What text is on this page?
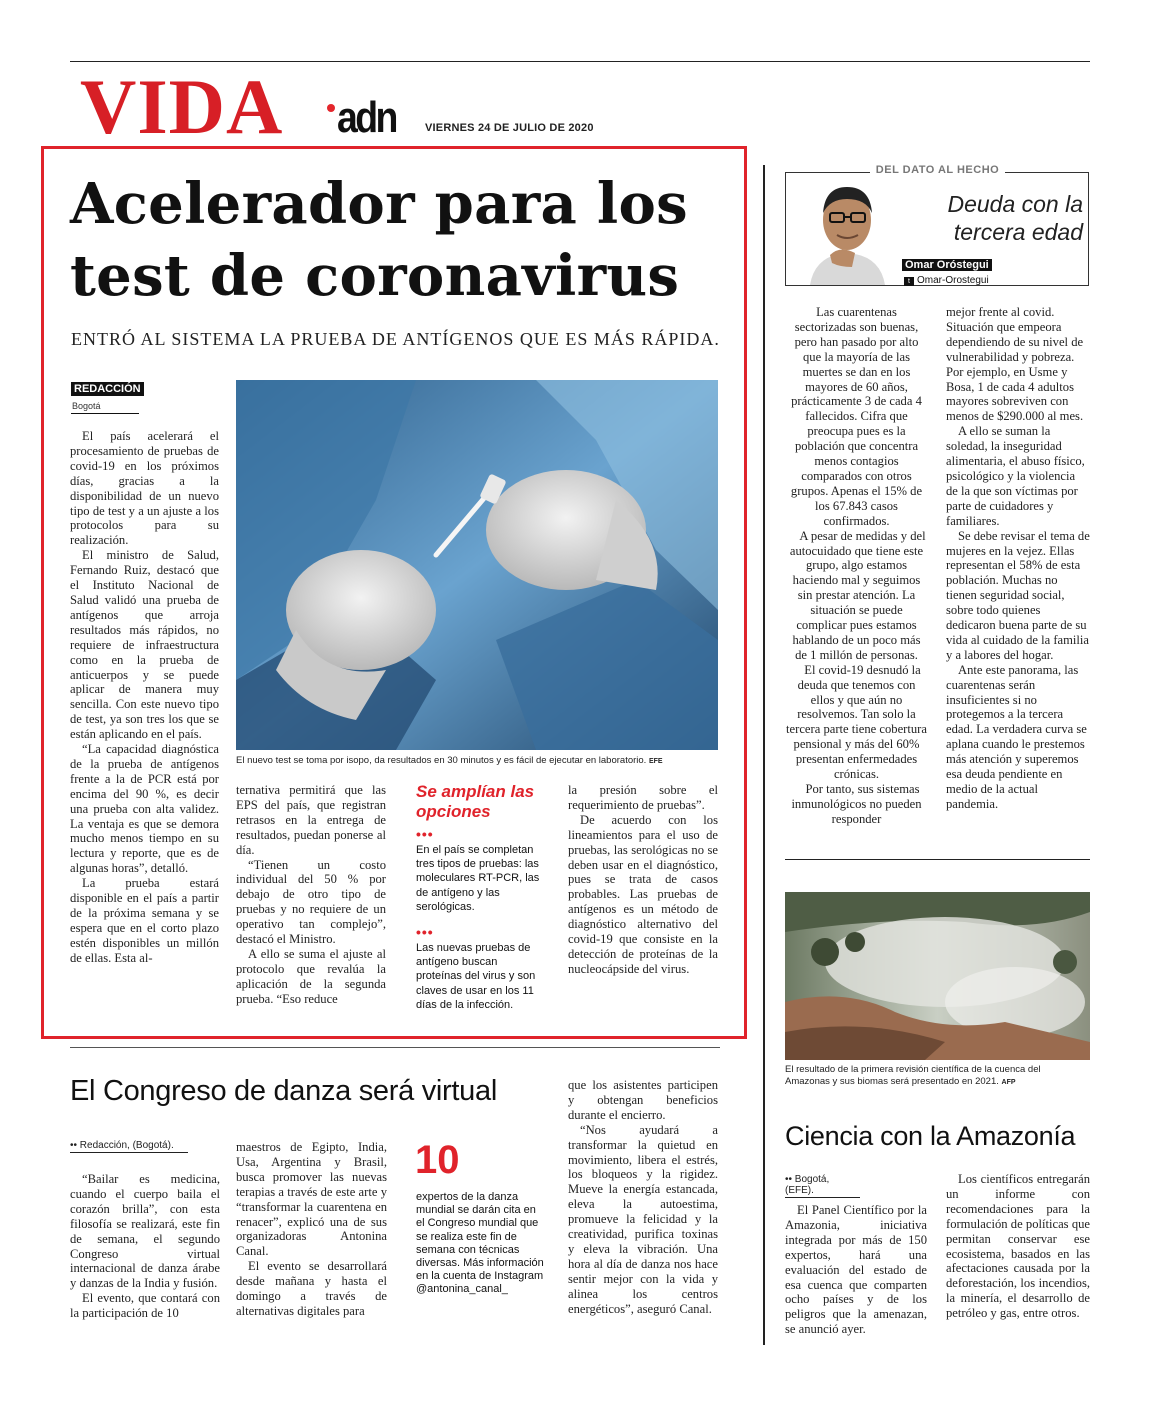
VIDA adn	VIERNES 24 DE JULIO DE 2020
Acelerador para los test de coronavirus
ENTRÓ AL SISTEMA LA PRUEBA DE ANTÍGENOS QUE ES MÁS RÁPIDA.
REDACCIÓN
Bogotá
El nuevo test se toma por isopo, da resultados en 30 minutos y es fácil de ejecutar en laboratorio. EFE

El país acelerará el procesamiento de pruebas de covid-19 en los próximos días, gracias a la disponibilidad de un nuevo tipo de test y a un ajuste a los protocolos para su realización.

El ministro de Salud, Fernando Ruiz, destacó que el Instituto Nacional de Salud validó una prueba de antígenos que arroja resultados más rápidos, no requiere de infraestructura como en la prueba de anticuerpos y se puede aplicar de manera muy sencilla. Con este nuevo tipo de test, ya son tres los que se están aplicando en el país.

“La capacidad diagnóstica de la prueba de antígenos frente a la de PCR está por encima del 90 %, es decir una prueba con alta validez. La ventaja es que se demora mucho menos tiempo en su lectura y reporte, que es de algunas horas”, detalló.

La prueba estará disponible en el país a partir de la próxima semana y se espera que en el corto plazo estén disponibles un millón de ellas. Esta al-

ternativa permitirá que las EPS del país, que registran retrasos en la entrega de resultados, puedan ponerse al día.

“Tienen un costo individual del 50 % por debajo de otro tipo de pruebas y no requiere de un operativo tan complejo”, destacó el Ministro.

A ello se suma el ajuste al protocolo que revalúa la aplicación de la segunda prueba. “Eso reduce

Se amplían las opciones
•••
En el país se completan tres tipos de pruebas: las moleculares RT-PCR, las de antígeno y las serológicas.
•••
Las nuevas pruebas de antígeno buscan proteínas del virus y son claves de usar en los 11 días de la infección.

la presión sobre el requerimiento de pruebas”.

De acuerdo con los lineamientos para el uso de pruebas, las serológicas no se deben usar en el diagnóstico, pues se trata de casos probables. Las pruebas de antígenos es un método de diagnóstico alternativo del covid-19 que consiste en la detección de proteínas de la nucleocápside del virus.

DEL DATO AL HECHO
Deuda con la tercera edad
Omar Oróstegui
t Omar-Orostegui

Las cuarentenas sectorizadas son buenas, pero han pasado por alto que la mayoría de las muertes se dan en los mayores de 60 años, prácticamente 3 de cada 4 fallecidos. Cifra que preocupa pues es la población que concentra menos contagios comparados con otros grupos. Apenas el 15% de los 67.843 casos confirmados.

A pesar de medidas y del autocuidado que tiene este grupo, algo estamos haciendo mal y seguimos sin prestar atención. La situación se puede complicar pues estamos hablando de un poco más de 1 millón de personas.

El covid-19 desnudó la deuda que tenemos con ellos y que aún no resolvemos. Tan solo la tercera parte tiene cobertura pensional y más del 60% presentan enfermedades crónicas.

Por tanto, sus sistemas inmunológicos no pueden responder

mejor frente al covid. Situación que empeora dependiendo de su nivel de vulnerabilidad y pobreza. Por ejemplo, en Usme y Bosa, 1 de cada 4 adultos mayores sobreviven con menos de $290.000 al mes.

A ello se suman la soledad, la inseguridad alimentaria, el abuso físico, psicológico y la violencia de la que son víctimas por parte de cuidadores y familiares.

Se debe revisar el tema de mujeres en la vejez. Ellas representan el 58% de esta población. Muchas no tienen seguridad social, sobre todo quienes dedicaron buena parte de su vida al cuidado de la familia y a labores del hogar.

Ante este panorama, las cuarentenas serán insuficientes si no protegemos a la tercera edad. La verdadera curva se aplana cuando le prestemos más atención y superemos esa deuda pendiente en medio de la actual pandemia.

El resultado de la primera revisión científica de la cuenca del Amazonas y sus biomas será presentado en 2021. AFP
Ciencia con la Amazonía
•• Bogotá, (EFE).

El Panel Científico por la Amazonia, iniciativa integrada por más de 150 expertos, hará una evaluación del estado de esa cuenca que comparten ocho países y de los peligros que la amenazan, se anunció ayer.

Los científicos entregarán un informe con recomendaciones para la formulación de políticas que permitan conservar ese ecosistema, basados en las afectaciones causada por la deforestación, los incendios, la minería, el desarrollo de petróleo y gas, entre otros.

El Congreso de danza será virtual
•• Redacción, (Bogotá).

“Bailar es medicina, cuando el cuerpo baila el corazón brilla”, con esta filosofía se realizará, este fin de semana, el segundo Congreso virtual internacional de danza árabe y danzas de la India y fusión.

El evento, que contará con la participación de 10

maestros de Egipto, India, Usa, Argentina y Brasil, busca promover las nuevas terapias a través de este arte y “transformar la cuarentena en renacer”, explicó una de sus organizadoras Antonina Canal.

El evento se desarrollará desde mañana y hasta el domingo a través de alternativas digitales para

10
expertos de la danza mundial se darán cita en el Congreso mundial que se realiza este fin de semana con técnicas diversas. Más información en la cuenta de Instagram @antonina_canal_

que los asistentes participen y obtengan beneficios durante el encierro.

“Nos ayudará a transformar la quietud en movimiento, libera el estrés, los bloqueos y la rigidez. Mueve la energía estancada, eleva la autoestima, promueve la felicidad y la creatividad, purifica toxinas y eleva la vibración. Una hora al día de danza nos hace sentir mejor con la vida y alinea los centros energéticos”, aseguró Canal.
